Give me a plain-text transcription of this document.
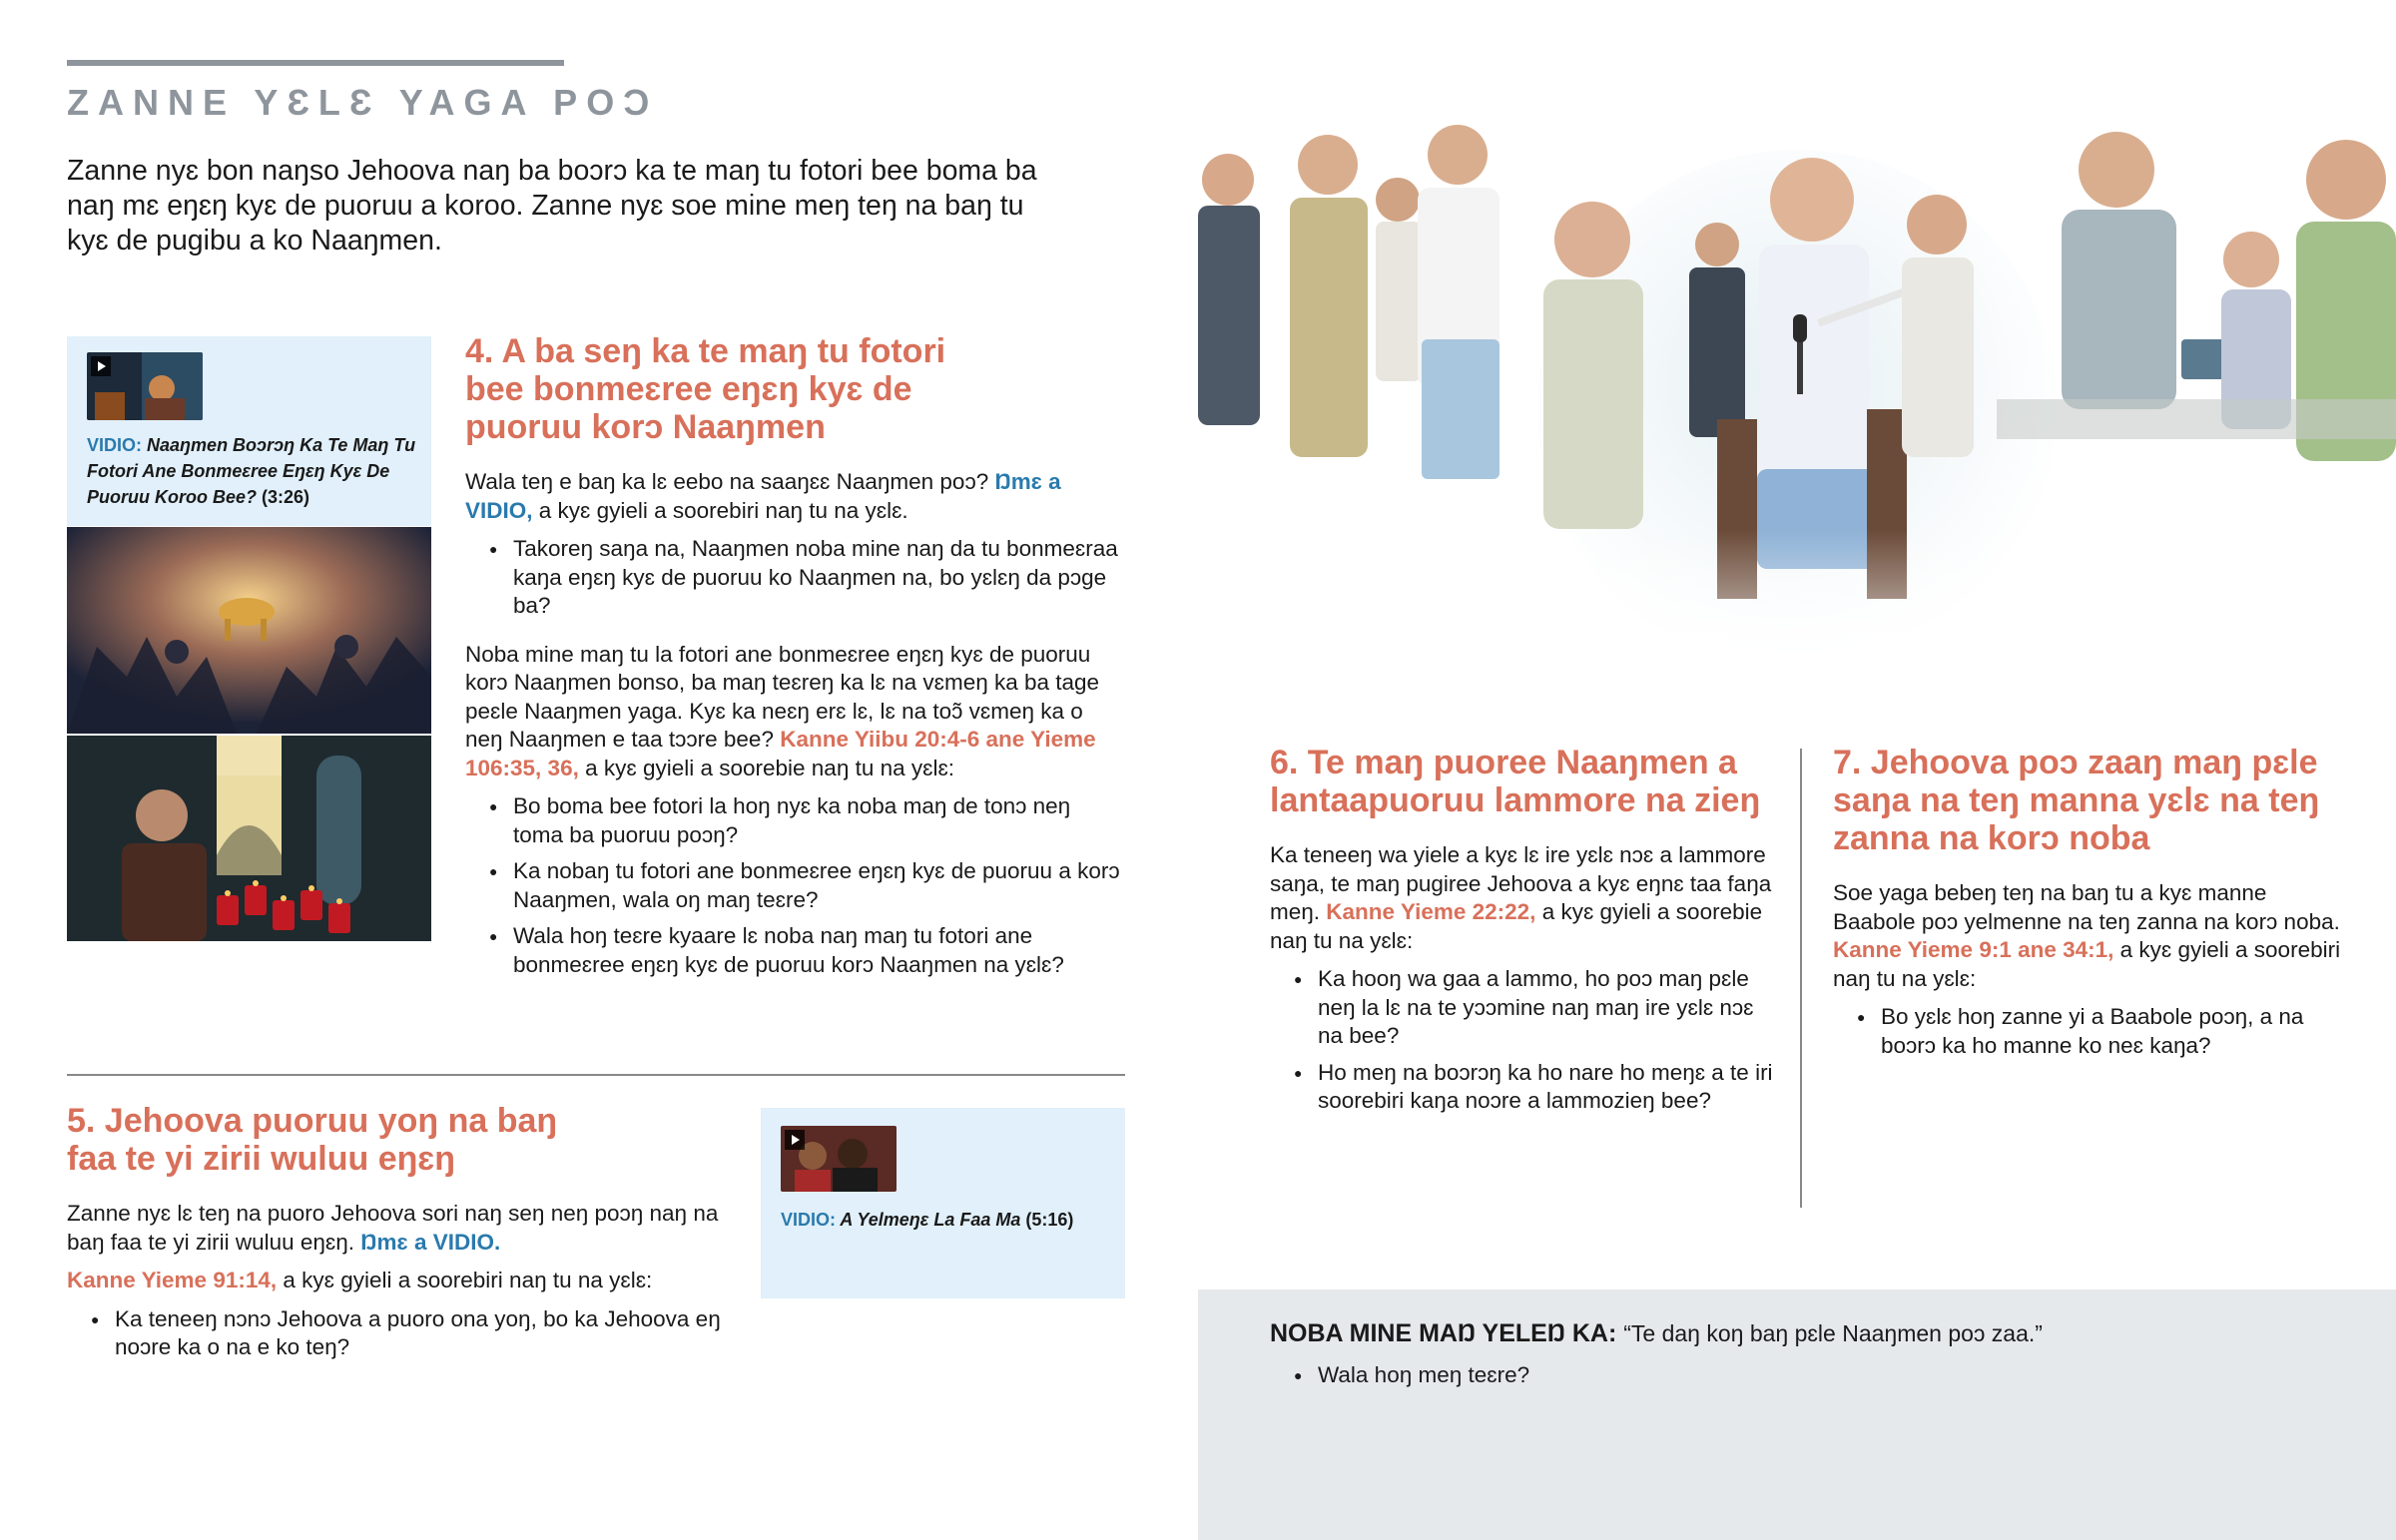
ZANNE YƐLƐ YAGA POƆ

Zanne nyɛ bon naŋso Jehoova naŋ ba boɔrɔ ka te maŋ tu fotori bee boma ba naŋ mɛ eŋɛŋ kyɛ de puoruu a koroo. Zanne nyɛ soe mine meŋ teŋ na baŋ tu kyɛ de pugibu a ko Naaŋmen.

VIDIO: Naaŋmen Boɔrɔŋ Ka Te Maŋ Tu Fotori Ane Bonmeɛree Eŋɛŋ Kyɛ De Puoruu Koroo Bee? (3:26)
4. A ba seŋ ka te maŋ tu fotori bee bonmeɛree eŋɛŋ kyɛ de puoruu korɔ Naaŋmen

Wala teŋ e baŋ ka lɛ eebo na saaŋɛɛ Naaŋmen poɔ? Ŋmɛ a VIDIO, a kyɛ gyieli a soorebiri naŋ tu na yɛlɛ.

● Takoreŋ saŋa na, Naaŋmen noba mine naŋ da tu bonmeɛraa kaŋa eŋɛŋ kyɛ de puoruu ko Naaŋmen na, bo yɛlɛŋ da pɔge ba?

Noba mine maŋ tu la fotori ane bonmeɛree eŋɛŋ kyɛ de puoruu korɔ Naaŋmen bonso, ba maŋ teɛreŋ ka lɛ na vɛmeŋ ka ba tage peɛle Naaŋmen yaga. Kyɛ ka neɛŋ erɛ lɛ, lɛ na toɔ̃ vɛmeŋ ka o neŋ Naaŋmen e taa tɔɔre bee? Kanne Yiibu 20:4-6 ane Yieme 106:35, 36, a kyɛ gyieli a soorebie naŋ tu na yɛlɛ:

● Bo boma bee fotori la hoŋ nyɛ ka noba maŋ de tonɔ neŋ toma ba puoruu poɔŋ?
● Ka nobaŋ tu fotori ane bonmeɛree eŋɛŋ kyɛ de puoruu a korɔ Naaŋmen, wala oŋ maŋ teɛre?
● Wala hoŋ teɛre kyaare lɛ noba naŋ maŋ tu fotori ane bonmeɛree eŋɛŋ kyɛ de puoruu korɔ Naaŋmen na yɛlɛ?
5. Jehoova puoruu yoŋ na baŋ faa te yi zirii wuluu eŋɛŋ

Zanne nyɛ lɛ teŋ na puoro Jehoova sori naŋ seŋ neŋ poɔŋ naŋ na baŋ faa te yi zirii wuluu eŋɛŋ. Ŋmɛ a VIDIO.

Kanne Yieme 91:14, a kyɛ gyieli a soorebiri naŋ tu na yɛlɛ:

● Ka teneeŋ nɔnɔ Jehoova a puoro ona yoŋ, bo ka Jehoova eŋ noɔre ka o na e ko teŋ?
VIDIO: A Yelmeŋɛ La Faa Ma (5:16)
6. Te maŋ puoree Naaŋmen a lantaapuoruu lammore na zieŋ

Ka teneeŋ wa yiele a kyɛ lɛ ire yɛlɛ nɔɛ a lammore saŋa, te maŋ pugiree Jehoova a kyɛ eŋnɛ taa faŋa meŋ. Kanne Yieme 22:22, a kyɛ gyieli a soorebie naŋ tu na yɛlɛ:

● Ka hooŋ wa gaa a lammo, ho poɔ maŋ pɛle neŋ la lɛ na te yɔɔmine naŋ maŋ ire yɛlɛ nɔɛ na bee?
● Ho meŋ na boɔrɔŋ ka ho nare ho meŋɛ a te iri soorebiri kaŋa noɔre a lammozieŋ bee?
7. Jehoova poɔ zaaŋ maŋ pɛle saŋa na teŋ manna yɛlɛ na teŋ zanna na korɔ noba

Soe yaga bebeŋ teŋ na baŋ tu a kyɛ manne Baabole poɔ yelmenne na teŋ zanna na korɔ noba. Kanne Yieme 9:1 ane 34:1, a kyɛ gyieli a soorebiri naŋ tu na yɛlɛ:

● Bo yɛlɛ hoŋ zanne yi a Baabole poɔŋ, a na boɔrɔ ka ho manne ko neɛ kaŋa?
NOBA MINE MAŊ YELEŊ KA: “Te daŋ koŋ baŋ pɛle Naaŋmen poɔ zaa.”
● Wala hoŋ meŋ teɛre?
